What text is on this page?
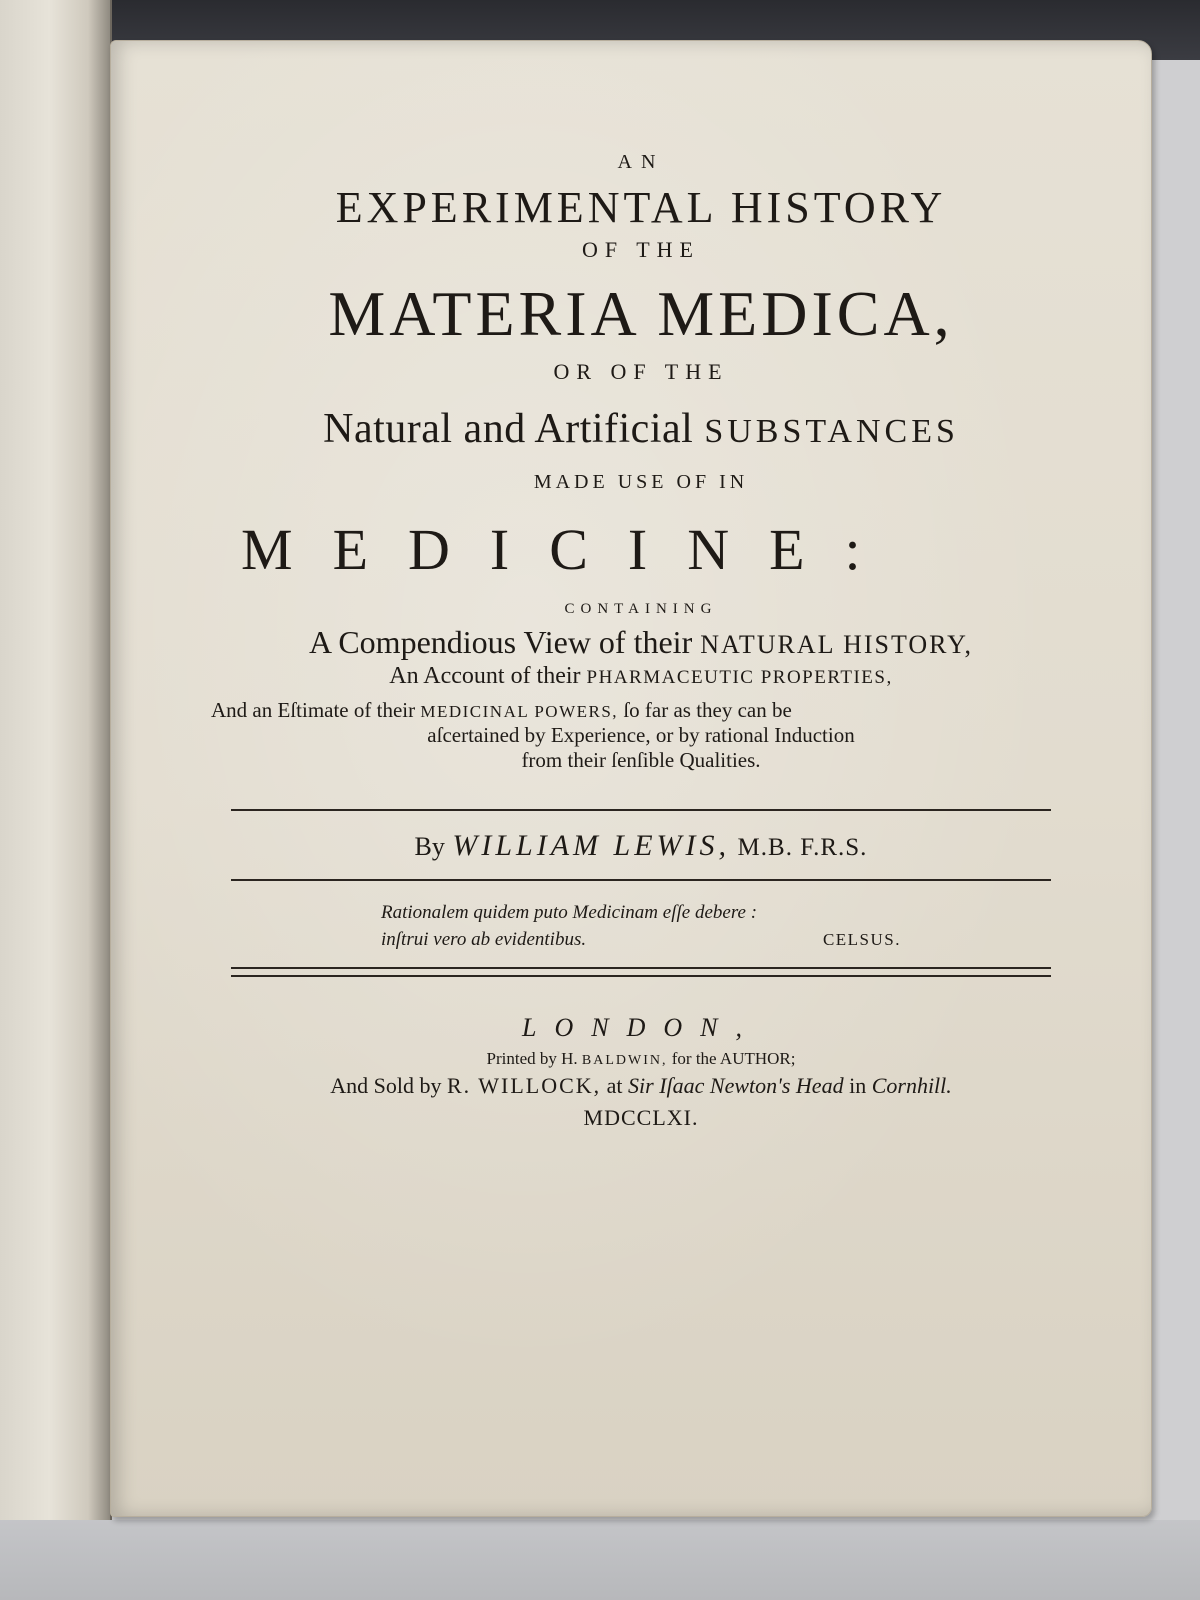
AN
EXPERIMENTAL HISTORY
OF THE
MATERIA MEDICA,
OR OF THE
Natural and Artificial SUBSTANCES
MADE USE OF IN
MEDICINE:
CONTAINING
A Compendious View of their NATURAL HISTORY,
An Account of their PHARMACEUTIC PROPERTIES,
And an Eſtimate of their MEDICINAL POWERS, ſo far as they can be
aſcertained by Experience, or by rational Induction
from their ſenſible Qualities.
By WILLIAM LEWIS, M.B. F.R.S.
Rationalem quidem puto Medicinam eſſe debere :
inſtrui vero ab evidentibus.	CELSUS.
LONDON,
Printed by H. BALDWIN, for the AUTHOR;
And Sold by R. WILLOCK, at Sir Iſaac Newton's Head in Cornhill.
MDCCLXI.
